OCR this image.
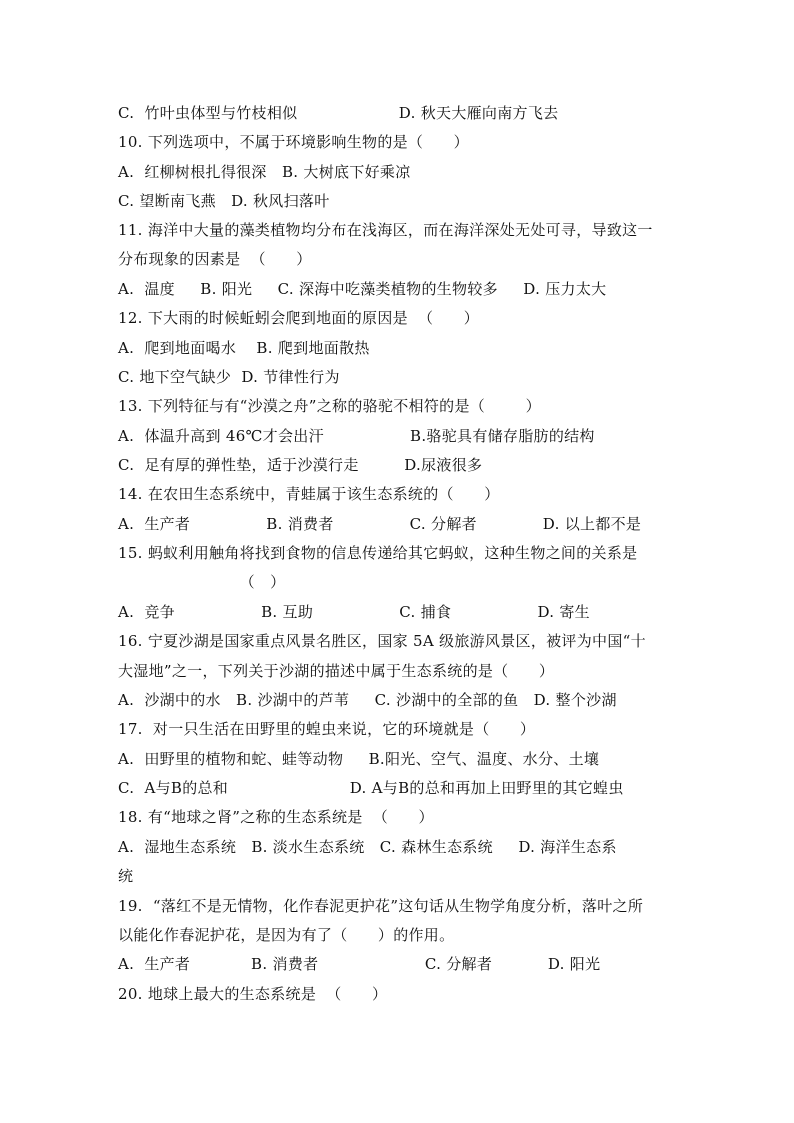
C.  竹叶虫体型与竹枝相似                    D. 秋天大雁向南方飞去
10. 下列选项中，不属于环境影响生物的是（      ）
A.  红柳树根扎得很深   B. 大树底下好乘凉
C. 望断南飞燕   D. 秋风扫落叶
11. 海洋中大量的藻类植物均分布在浅海区，而在海洋深处无处可寻，导致这一
分布现象的因素是  （      ）
A.  温度     B. 阳光     C. 深海中吃藻类植物的生物较多     D. 压力太大
12. 下大雨的时候蚯蚓会爬到地面的原因是  （      ）
A.  爬到地面喝水    B. 爬到地面散热
C. 地下空气缺少  D. 节律性行为
13. 下列特征与有“沙漠之舟”之称的骆驼不相符的是（        ）
A.  体温升高到 46℃才会出汗                 B.骆驼具有储存脂肪的结构
C.  足有厚的弹性垫，适于沙漠行走         D.尿液很多
14. 在农田生态系统中，青蛙属于该生态系统的（      ）
A.  生产者               B. 消费者               C. 分解者             D. 以上都不是
15. 蚂蚁利用触角将找到食物的信息传递给其它蚂蚁，这种生物之间的关系是
（   ）
A.  竞争                 B. 互助                 C. 捕食                 D. 寄生
16. 宁夏沙湖是国家重点风景名胜区，国家 5A 级旅游风景区，被评为中国“十
大湿地”之一，下列关于沙湖的描述中属于生态系统的是（      ）
A.  沙湖中的水   B. 沙湖中的芦苇     C. 沙湖中的全部的鱼   D. 整个沙湖
17.  对一只生活在田野里的蝗虫来说，它的环境就是（      ）
A.  田野里的植物和蛇、蛙等动物     B.阳光、空气、温度、水分、土壤
C.  A与B的总和                        D. A与B的总和再加上田野里的其它蝗虫
18. 有“地球之肾”之称的生态系统是  （      ）
A.  湿地生态系统   B. 淡水生态系统   C. 森林生态系统     D. 海洋生态系
统
19.  “落红不是无情物，化作春泥更护花”这句话从生物学角度分析，落叶之所
以能化作春泥护花，是因为有了（      ）的作用。
A.  生产者            B. 消费者                     C. 分解者           D. 阳光
20. 地球上最大的生态系统是  （      ）
